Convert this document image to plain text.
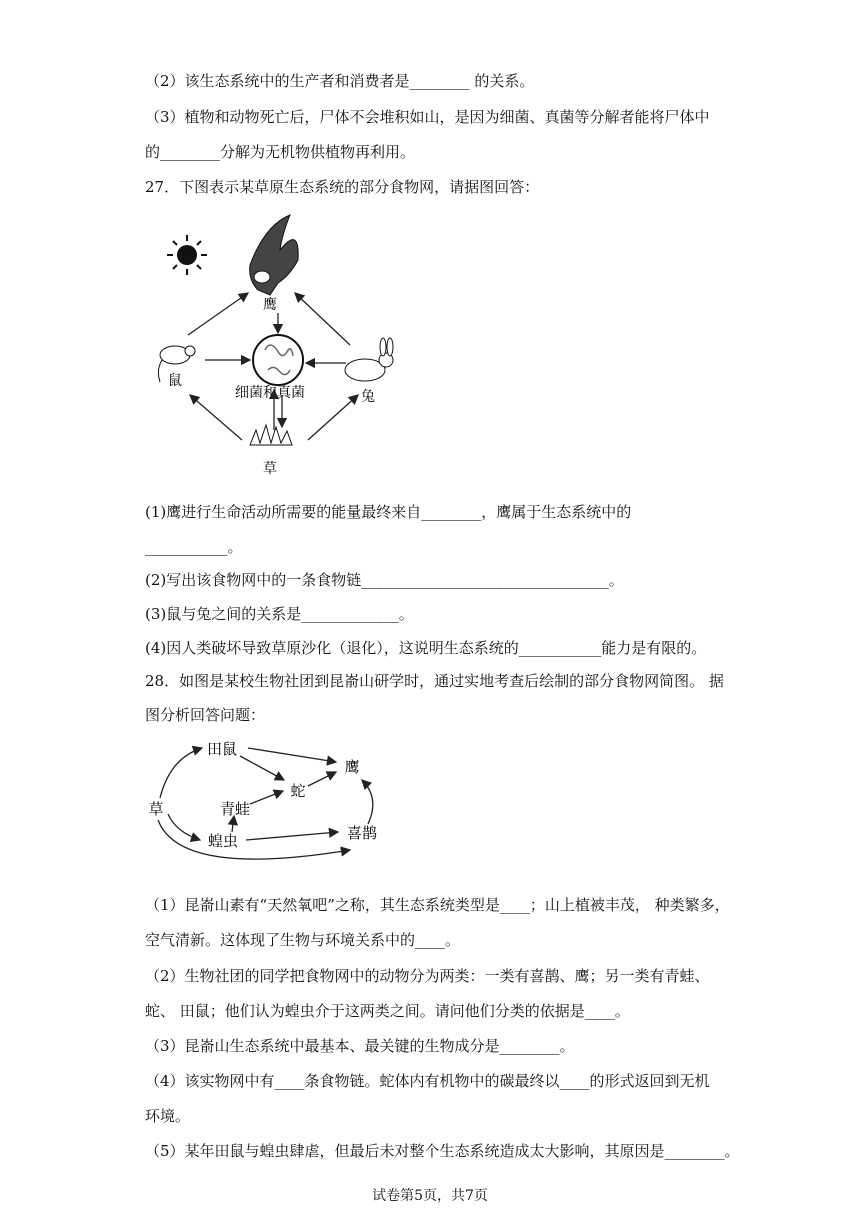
（2）该生态系统中的生产者和消费者是________ 的关系。
（3）植物和动物死亡后，尸体不会堆积如山，是因为细菌、真菌等分解者能将尸体中
的________分解为无机物供植物再利用。
27．下图表示某草原生态系统的部分食物网，请据图回答：
鹰
细菌和真菌
鼠
兔
草
(1)鹰进行生命活动所需要的能量最终来自________，鹰属于生态系统中的
___________。
(2)写出该食物网中的一条食物链_________________________________。
(3)鼠与兔之间的关系是_____________。
(4)因人类破坏导致草原沙化（退化），这说明生态系统的___________能力是有限的。
28．如图是某校生物社团到昆嵛山研学时，通过实地考查后绘制的部分食物网简图。 据
图分析回答问题：
田鼠
鹰
蛇
青蛙
草
喜鹊
蝗虫
（1）昆嵛山素有“天然氧吧”之称，其生态系统类型是____；山上植被丰茂， 种类繁多，
空气清新。这体现了生物与环境关系中的____。
（2）生物社团的同学把食物网中的动物分为两类：一类有喜鹊、鹰；另一类有青蛙、
蛇、 田鼠；他们认为蝗虫介于这两类之间。请问他们分类的依据是____。
（3）昆嵛山生态系统中最基本、最关键的生物成分是________。
（4）该实物网中有____条食物链。蛇体内有机物中的碳最终以____的形式返回到无机
环境。
（5）某年田鼠与蝗虫肆虐，但最后未对整个生态系统造成太大影响，其原因是________。
试卷第5页，共7页
